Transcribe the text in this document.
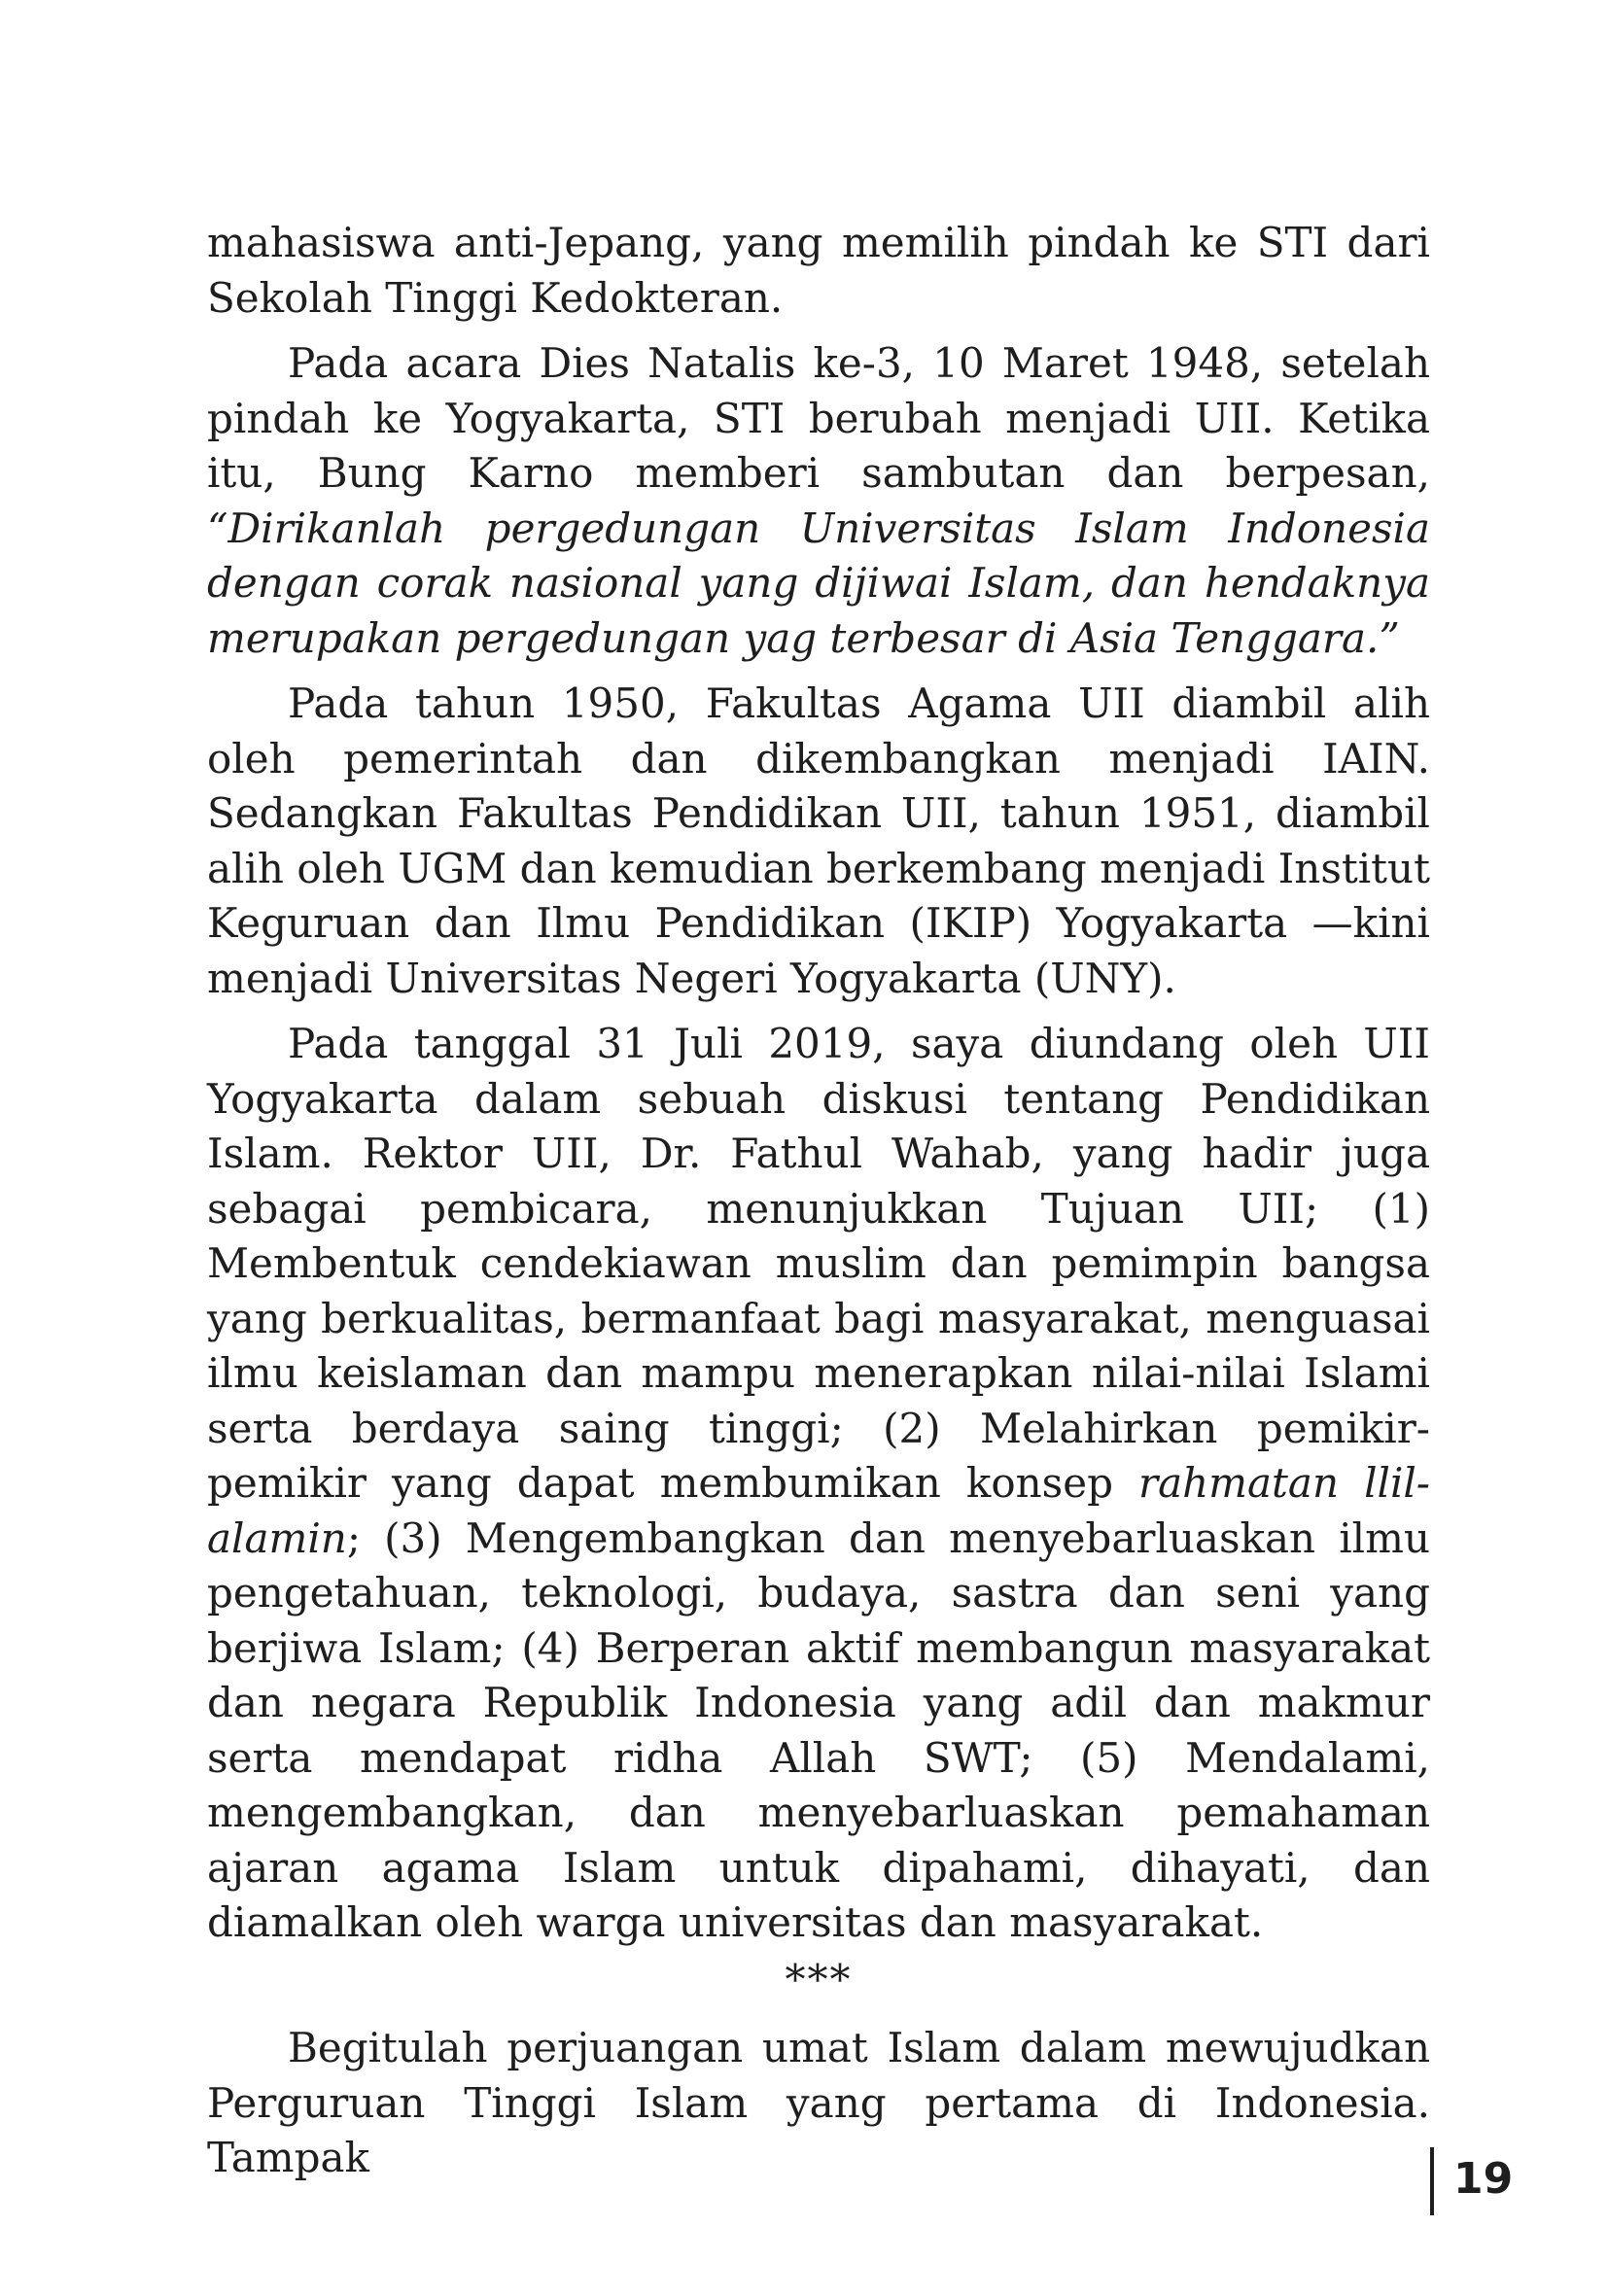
mahasiswa anti-Jepang, yang memilih pindah ke STI dari Sekolah Tinggi Kedokteran.

Pada acara Dies Natalis ke-3, 10 Maret 1948, setelah pindah ke Yogyakarta, STI berubah menjadi UII. Ketika itu, Bung Karno memberi sambutan dan berpesan, “Dirikanlah pergedungan Universitas Islam Indonesia dengan corak nasional yang dijiwai Islam, dan hendaknya merupakan pergedungan yag terbesar di Asia Tenggara.”

Pada tahun 1950, Fakultas Agama UII diambil alih oleh pemerintah dan dikembangkan menjadi IAIN. Sedangkan Fakultas Pendidikan UII, tahun 1951, diambil alih oleh UGM dan kemudian berkembang menjadi Institut Keguruan dan Ilmu Pendidikan (IKIP) Yogyakarta —kini menjadi Universitas Negeri Yogyakarta (UNY).

Pada tanggal 31 Juli 2019, saya diundang oleh UII Yogyakarta dalam sebuah diskusi tentang Pendidikan Islam. Rektor UII, Dr. Fathul Wahab, yang hadir juga sebagai pembicara, menunjukkan Tujuan UII; (1) Membentuk cendekiawan muslim dan pemimpin bangsa yang berkualitas, bermanfaat bagi masyarakat, menguasai ilmu keislaman dan mampu menerapkan nilai-nilai Islami serta berdaya saing tinggi; (2) Melahirkan pemikir-pemikir yang dapat membumikan konsep rahmatan llil-alamin; (3) Mengembangkan dan menyebarluaskan ilmu pengetahuan, teknologi, budaya, sastra dan seni yang berjiwa Islam; (4) Berperan aktif membangun masyarakat dan negara Republik Indonesia yang adil dan makmur serta mendapat ridha Allah SWT; (5) Mendalami, mengembangkan, dan menyebarluaskan pemahaman ajaran agama Islam untuk dipahami, dihayati, dan diamalkan oleh warga universitas dan masyarakat.

***

Begitulah perjuangan umat Islam dalam mewujudkan Perguruan Tinggi Islam yang pertama di Indonesia. Tampak	19
